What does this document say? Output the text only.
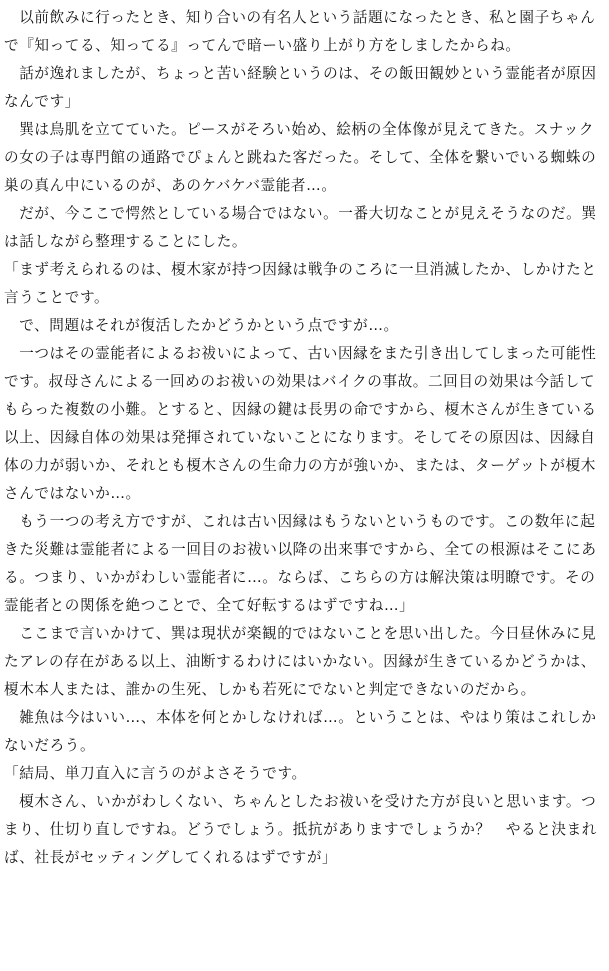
　以前飲みに行ったとき、知り合いの有名人という話題になったとき、私と園子ちゃん
で『知ってる、知ってる』ってんで暗ーい盛り上がり方をしましたからね。
　話が逸れましたが、ちょっと苦い経験というのは、その飯田観妙という霊能者が原因
なんです」
　巽は鳥肌を立てていた。ピースがそろい始め、絵柄の全体像が見えてきた。スナック
の女の子は専門館の通路でぴょんと跳ねた客だった。そして、全体を繋いでいる蜘蛛の
巣の真ん中にいるのが、あのケバケバ霊能者…。
　だが、今ここで愕然としている場合ではない。一番大切なことが見えそうなのだ。巽
は話しながら整理することにした。
「まず考えられるのは、榎木家が持つ因縁は戦争のころに一旦消滅したか、しかけたと
言うことです。
　で、問題はそれが復活したかどうかという点ですが…。
　一つはその霊能者によるお祓いによって、古い因縁をまた引き出してしまった可能性
です。叔母さんによる一回めのお祓いの効果はバイクの事故。二回目の効果は今話して
もらった複数の小難。とすると、因縁の鍵は長男の命ですから、榎木さんが生きている
以上、因縁自体の効果は発揮されていないことになります。そしてその原因は、因縁自
体の力が弱いか、それとも榎木さんの生命力の方が強いか、または、ターゲットが榎木
さんではないか…。
　もう一つの考え方ですが、これは古い因縁はもうないというものです。この数年に起
きた災難は霊能者による一回目のお祓い以降の出来事ですから、全ての根源はそこにあ
る。つまり、いかがわしい霊能者に…。ならば、こちらの方は解決策は明瞭です。その
霊能者との関係を絶つことで、全て好転するはずですね…」
　ここまで言いかけて、巽は現状が楽観的ではないことを思い出した。今日昼休みに見
たアレの存在がある以上、油断するわけにはいかない。因縁が生きているかどうかは、
榎木本人または、誰かの生死、しかも若死にでないと判定できないのだから。
　雑魚は今はいい…、本体を何とかしなければ…。ということは、やはり策はこれしか
ないだろう。
「結局、単刀直入に言うのがよさそうです。
　榎木さん、いかがわしくない、ちゃんとしたお祓いを受けた方が良いと思います。つ
まり、仕切り直しですね。どうでしょう。抵抗がありますでしょうか？　やると決まれ
ば、社長がセッティングしてくれるはずですが」
